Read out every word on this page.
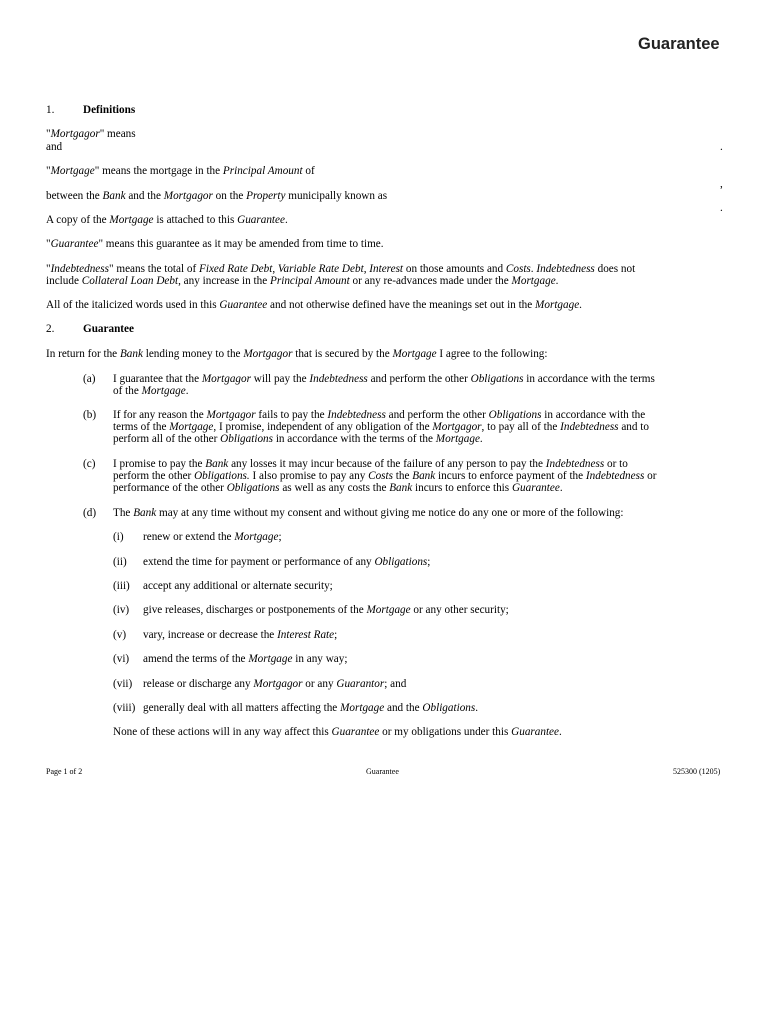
Guarantee
1.	Definitions
"Mortgagor" means
and	.
"Mortgage" means the mortgage in the Principal Amount of
,
between the Bank and the Mortgagor on the Property municipally known as
.
A copy of the Mortgage is attached to this Guarantee.
"Guarantee" means this guarantee as it may be amended from time to time.
"Indebtedness" means the total of Fixed Rate Debt, Variable Rate Debt, Interest on those amounts and Costs. Indebtedness does not
include Collateral Loan Debt, any increase in the Principal Amount or any re-advances made under the Mortgage.
All of the italicized words used in this Guarantee and not otherwise defined have the meanings set out in the Mortgage.
2.	Guarantee
In return for the Bank lending money to the Mortgagor that is secured by the Mortgage I agree to the following:
(a) I guarantee that the Mortgagor will pay the Indebtedness and perform the other Obligations in accordance with the terms
of the Mortgage.
(b) If for any reason the Mortgagor fails to pay the Indebtedness and perform the other Obligations in accordance with the
terms of the Mortgage, I promise, independent of any obligation of the Mortgagor, to pay all of the Indebtedness and to
perform all of the other Obligations in accordance with the terms of the Mortgage.
(c) I promise to pay the Bank any losses it may incur because of the failure of any person to pay the Indebtedness or to
perform the other Obligations. I also promise to pay any Costs the Bank incurs to enforce payment of the Indebtedness or
performance of the other Obligations as well as any costs the Bank incurs to enforce this Guarantee.
(d) The Bank may at any time without my consent and without giving me notice do any one or more of the following:
(i) renew or extend the Mortgage;
(ii) extend the time for payment or performance of any Obligations;
(iii) accept any additional or alternate security;
(iv) give releases, discharges or postponements of the Mortgage or any other security;
(v) vary, increase or decrease the Interest Rate;
(vi) amend the terms of the Mortgage in any way;
(vii) release or discharge any Mortgagor or any Guarantor; and
(viii) generally deal with all matters affecting the Mortgage and the Obligations.
None of these actions will in any way affect this Guarantee or my obligations under this Guarantee.
Page 1 of 2	Guarantee	525300 (1205)
